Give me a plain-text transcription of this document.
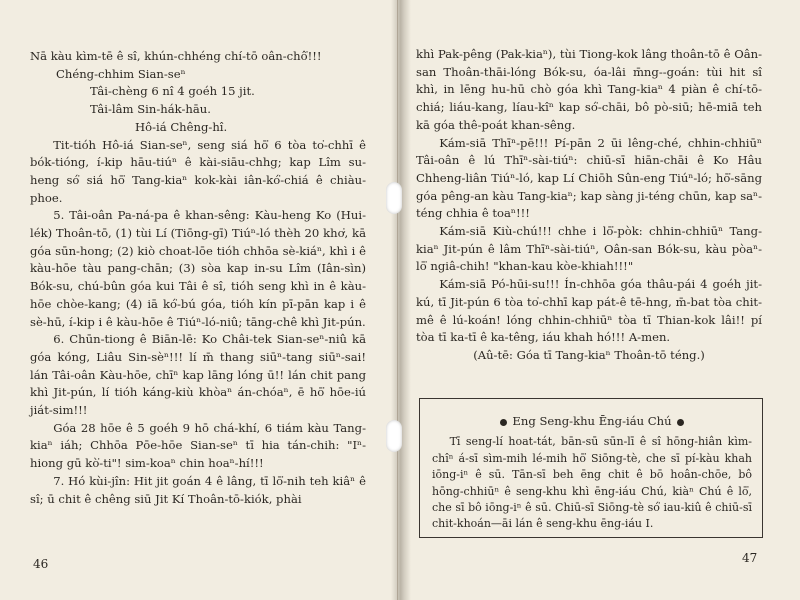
Nā kàu kìm-tē ê sî, khún-chhéng chí-tō oân-chô͘!!!

Chéng-chhim Sian-seⁿ

Tâi-chèng 6 nî 4 goéh 15 jit.

Tâi-lâm Sin-hák-hāu.

Hô-iá Chêng-hî.

Tit-tióh Hô-iá Sian-seⁿ, seng siá hō͘ 6 tòa to͘-chhī ê bók-tióng, í-kip hāu-tiúⁿ ê kài-siāu-chhg; kap Lîm su-heng só͘ siá hō͘ Tang-kiaⁿ kok-kài iân-kó͘-chiá ê chiàu-phoe.

5. Tâi-oân Pa-ná-pa ê khan-sêng: Kàu-heng Ko (Hui-lék) Thoân-tō, (1) tùi Lí (Tiōng-gī) Tiúⁿ-ló thèh 20 khơ͘, kā góa sūn-hong; (2) kiò choat-lōe tióh chhōa sè-kiáⁿ, khì i ê kàu-hōe tàu pang-chān; (3) sòa kap in-su Lîm (Iân-sìn) Bók-su, chú-bûn góa kui Tâi ê sî, tióh seng khì in ê kàu-hōe chòe-kang; (4) iā kó͘-bú góa, tióh kín pī-pān kap i ê sè-hū, í-kip i ê kàu-hōe ê Tiúⁿ-ló-niû; tāng-chê khì Jit-pún.

6. Chūn-tiong ê Biān-lē: Ko Châi-tek Sian-seⁿ-niû kā góa kóng, Liâu Sin-sèⁿ!!! lí m̄ thang siūⁿ-tang siūⁿ-sai! lán Tâi-oân Kàu-hōe, chīⁿ kap lāng lóng ū!! lán chit pang khì Jit-pún, lí tióh káng-kiù khòaⁿ án-chóaⁿ, ē hō͘ hōe-iú jiát-sim!!!

Góa 28 hōe ê 5 goéh 9 hō chá-khí, 6 tiám kàu Tang-kiaⁿ iáh; Chhōa Pōe-hōe Sian-seⁿ tī hia tán-chih: "Iⁿ-hiong gū kò͘-ti"! sim-koaⁿ chin hoaⁿ-hí!!!

7. Hó kùi-jîn: Hit jit goán 4 ê lâng, tī lō͘-nih teh kiâⁿ ê sî; ū chit ê chêng siū Jit Kí Thoân-tō-kiók, phài

46

khì Pak-pêng (Pak-kiaⁿ), tùi Tiong-kok lâng thoân-tō ê Oân-san Thoân-thāi-lóng Bók-su, óa-lâi m̄ng--goán: tùi hit sî khì, in lēng hu-hū chò góa khì Tang-kiaⁿ 4 piàn ê chí-tō-chiá; liáu-kang, líau-kîⁿ kap só͘-chāi, bô pò-siū; hē-miā teh kā góa thê-poát khan-sêng.

Kám-siā Thīⁿ-pē!!! Pí-pān 2 ūi lêng-ché, chhin-chhiūⁿ Tâi-oân ê lú Thīⁿ-sài-tiúⁿ: chiū-sī hiān-chāi ê Ko Hâu Chheng-liân Tiúⁿ-ló, kap Lí Chiōh Sûn-eng Tiúⁿ-ló; hō͘-sāng góa pêng-an kàu Tang-kiaⁿ; kap sàng ji-téng chūn, kap saⁿ-téng chhia ê toaⁿ!!!

Kám-siā Kiù-chú!!! chhe i lō͘-pòk: chhin-chhiūⁿ Tang-kiaⁿ Jit-pún ê lâm Thīⁿ-sài-tiúⁿ, Oân-san Bók-su, kàu pòaⁿ-lō͘ ngiâ-chih! "khan-kau kòe-khiah!!!"

Kám-siā Pó-hūi-su!!! Ín-chhōa góa thâu-pái 4 goéh jit-kú, tī Jit-pún 6 tòa to͘-chhī kap pát-ê tē-hng, m̄-bat tòa chit-mê ê lú-koán! lóng chhin-chhiūⁿ tòa tī Thian-kok lâi!! pí tòa tī ka-tī ê ka-têng, iáu khah hó!!! A-men.

(Aû-tē: Góa tī Tang-kiaⁿ Thoân-tō téng.)

Eng Seng-khu Ēng-iáu Chú

Tī seng-lí hoat-tát, bān-sū sūn-lī ê sî hōng-hiân kìm-chîⁿ á-sī sìm-mih lé-mih hō͘ Siōng-tè, che sī pí-kàu khah iōng-iⁿ ê sū. Tān-sī beh ēng chit ê bō hoân-chōe, bô hōng-chhiūⁿ ê seng-khu khì ēng-iáu Chú, kiàⁿ Chú ê lō͘, che sī bô iōng-iⁿ ê sū. Chiū-sī Siōng-tè só͘ iau-kiû ê chiū-sī chit-khoán—āi lán ê seng-khu ēng-iáu I.

47
